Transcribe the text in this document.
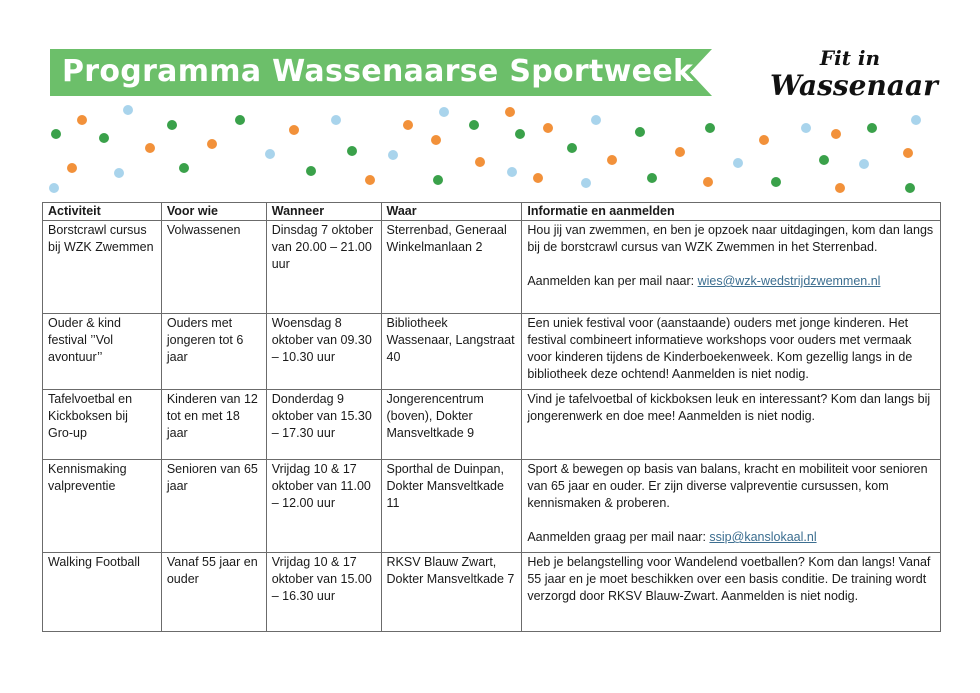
Programma Wassenaarse Sportweek	Fit in
Wassenaar
Activiteit	Voor wie	Wanneer	Waar	Informatie en aanmelden
Borstcrawl cursus bij WZK Zwemmen	Volwassenen	Dinsdag 7 oktober van 20.00 – 21.00 uur	Sterrenbad, Generaal Winkelmanlaan 2	Hou jij van zwemmen, en ben je opzoek naar uitdagingen, kom dan langs bij de borstcrawl cursus van WZK Zwemmen in het Sterrenbad.
Aanmelden kan per mail naar: wies@wzk-wedstrijdzwemmen.nl
Ouder & kind festival ’’Vol avontuur’’	Ouders met jongeren tot 6 jaar	Woensdag 8 oktober van 09.30 – 10.30 uur	Bibliotheek Wassenaar, Langstraat 40	Een uniek festival voor (aanstaande) ouders met jonge kinderen. Het festival combineert informatieve workshops voor ouders met vermaak voor kinderen tijdens de Kinderboekenweek. Kom gezellig langs in de bibliotheek deze ochtend! Aanmelden is niet nodig.
Tafelvoetbal en Kickboksen bij Gro-up	Kinderen van 12 tot en met 18 jaar	Donderdag 9 oktober van 15.30 – 17.30 uur	Jongerencentrum (boven), Dokter Mansveltkade 9	Vind je tafelvoetbal of kickboksen leuk en interessant? Kom dan langs bij jongerenwerk en doe mee! Aanmelden is niet nodig.
Kennismaking valpreventie	Senioren van 65 jaar	Vrijdag 10 & 17 oktober van 11.00 – 12.00 uur	Sporthal de Duinpan, Dokter Mansveltkade 11	Sport & bewegen op basis van balans, kracht en mobiliteit voor senioren van 65 jaar en ouder. Er zijn diverse valpreventie cursussen, kom kennismaken & proberen.
Aanmelden graag per mail naar: ssip@kanslokaal.nl
Walking Football	Vanaf 55 jaar en ouder	Vrijdag 10 & 17 oktober van 15.00 – 16.30 uur	RKSV Blauw Zwart, Dokter Mansveltkade 7	Heb je belangstelling voor Wandelend voetballen? Kom dan langs! Vanaf 55 jaar en je moet beschikken over een basis conditie. De training wordt verzorgd door RKSV Blauw-Zwart. Aanmelden is niet nodig.
